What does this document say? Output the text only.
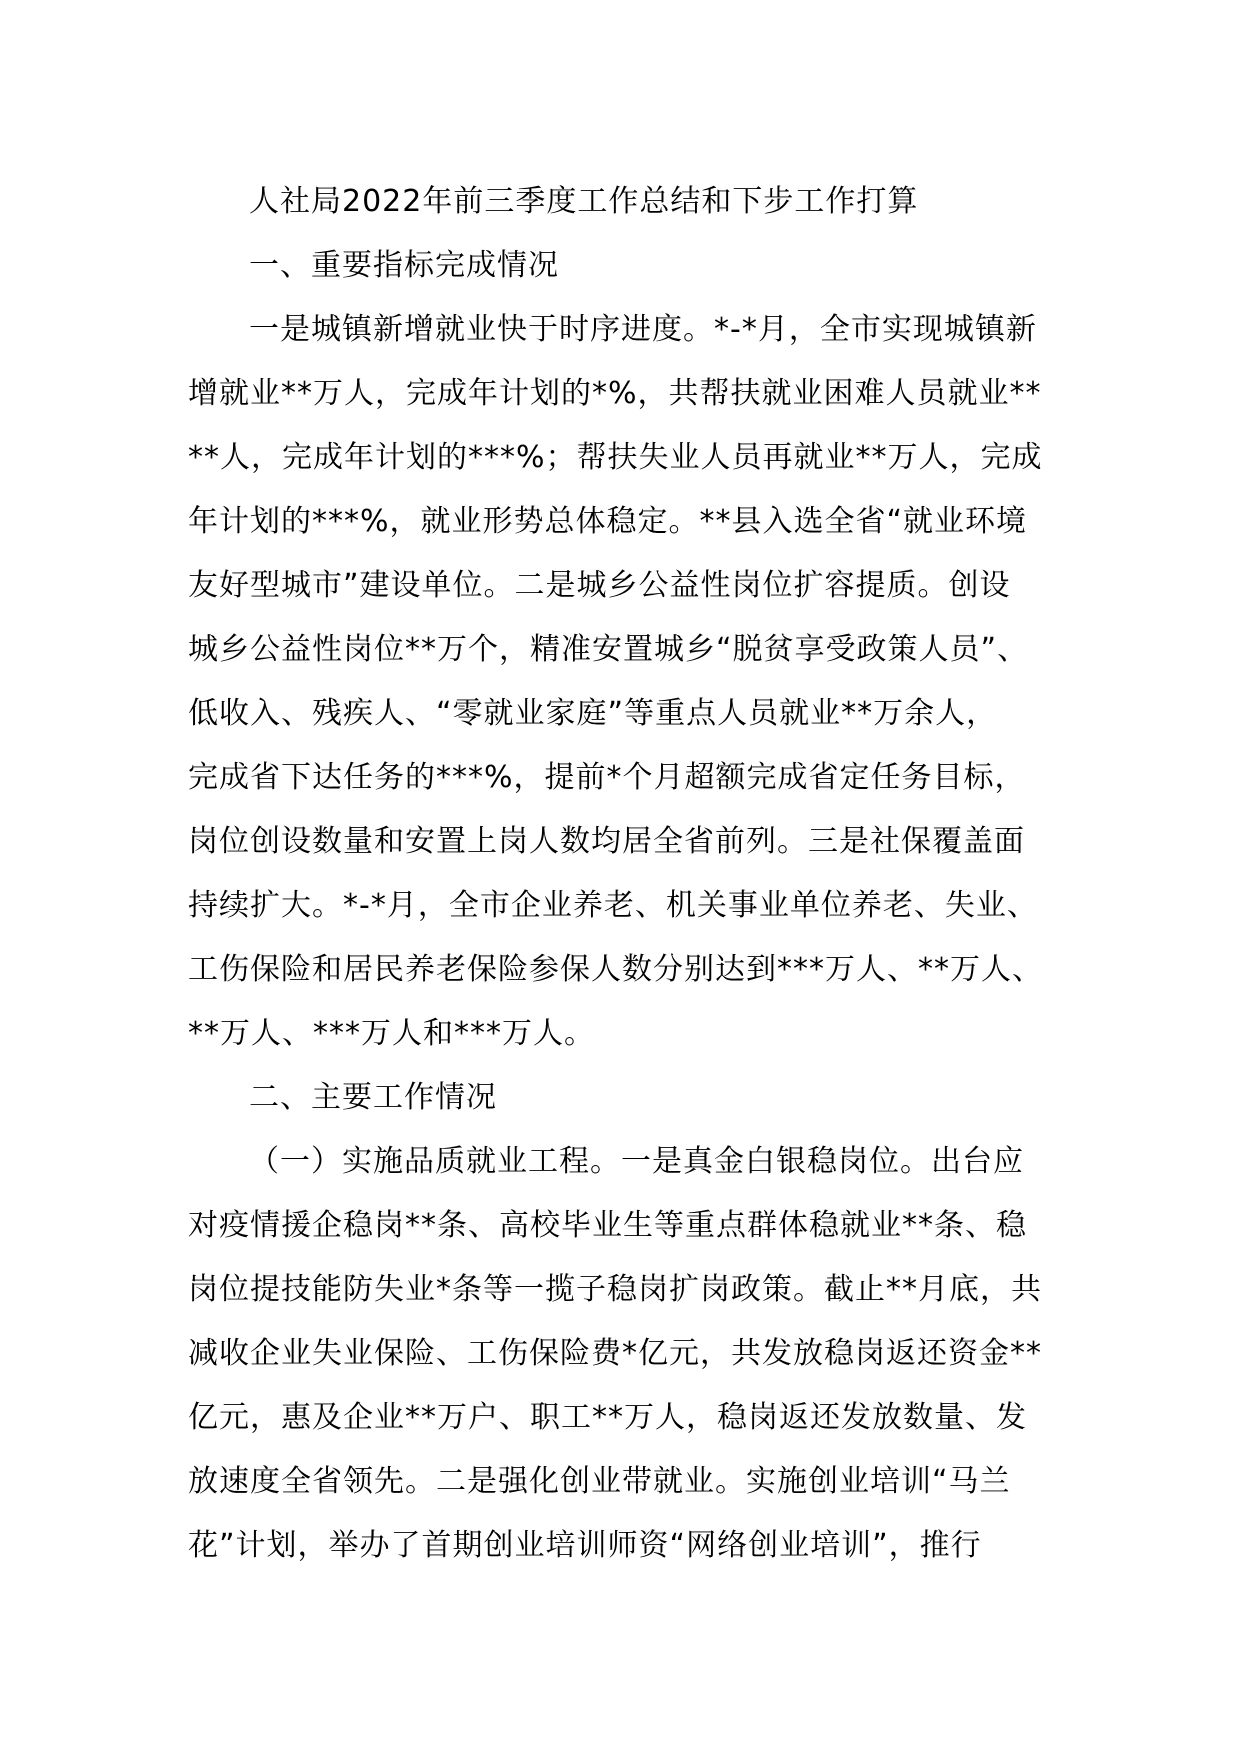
人社局2022年前三季度工作总结和下步工作打算
一、重要指标完成情况
一是城镇新增就业快于时序进度。*-*月，全市实现城镇新
增就业**万人，完成年计划的*%，共帮扶就业困难人员就业**
**人，完成年计划的***%；帮扶失业人员再就业**万人，完成
年计划的***%，就业形势总体稳定。**县入选全省“就业环境
友好型城市”建设单位。二是城乡公益性岗位扩容提质。创设
城乡公益性岗位**万个，精准安置城乡“脱贫享受政策人员”、
低收入、残疾人、“零就业家庭”等重点人员就业**万余人，
完成省下达任务的***%，提前*个月超额完成省定任务目标，
岗位创设数量和安置上岗人数均居全省前列。三是社保覆盖面
持续扩大。*-*月，全市企业养老、机关事业单位养老、失业、
工伤保险和居民养老保险参保人数分别达到***万人、**万人、
**万人、***万人和***万人。
二、主要工作情况
（一）实施品质就业工程。一是真金白银稳岗位。出台应
对疫情援企稳岗**条、高校毕业生等重点群体稳就业**条、稳
岗位提技能防失业*条等一揽子稳岗扩岗政策。截止**月底，共
减收企业失业保险、工伤保险费*亿元，共发放稳岗返还资金**
亿元，惠及企业**万户、职工**万人，稳岗返还发放数量、发
放速度全省领先。二是强化创业带就业。实施创业培训“马兰
花”计划，举办了首期创业培训师资“网络创业培训”，推行
